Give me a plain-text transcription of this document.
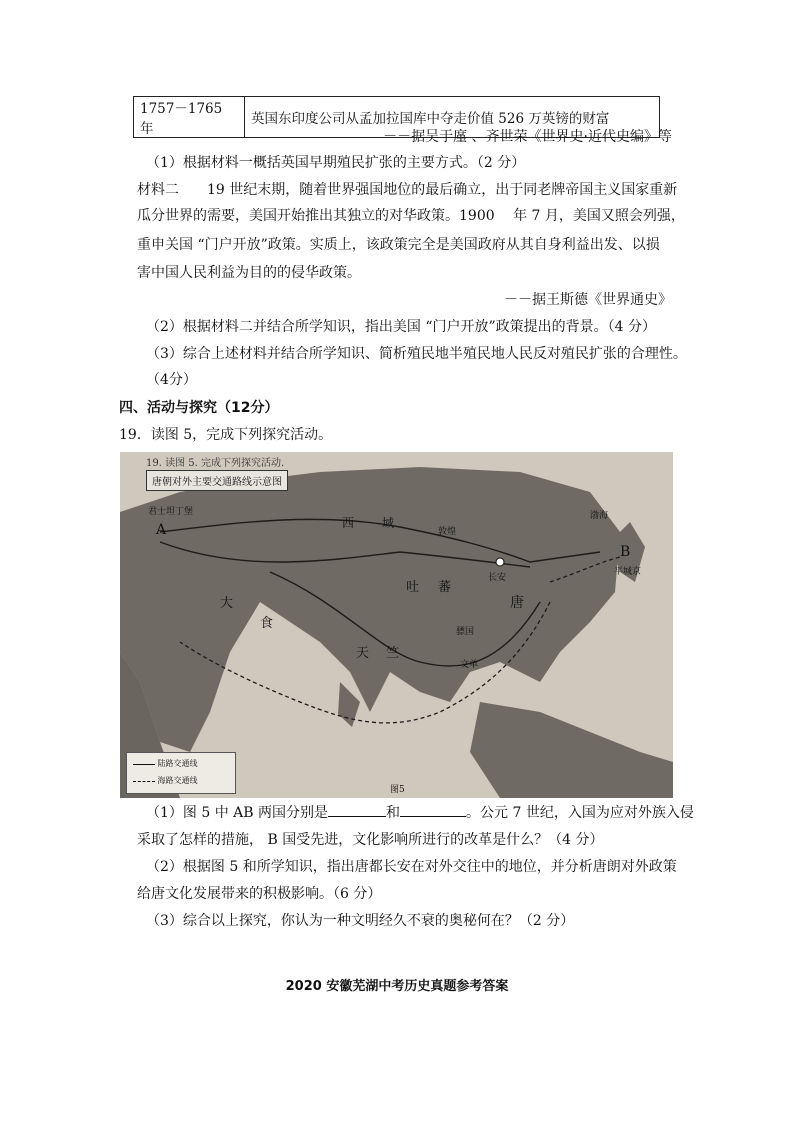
1757－1765 年	英国东印度公司从孟加拉国库中夺走价值 526 万英镑的财富
－－据吴于廑 、齐世荣《世界史·近代史编》等
（1）根据材料一概括英国早期殖民扩张的主要方式。（2 分）
材料二　　19 世纪末期，随着世界强国地位的最后确立，出于同老牌帝国主义国家重新
瓜分世界的需要，美国开始推出其独立的对华政策。1900　 年 7 月，美国又照会列强，
重申关国 “门户开放”政策。实质上，该政策完全是美国政府从其自身利益出发、以损
害中国人民利益为目的的侵华政策。
－－据王斯德《世界通史》
（2）根据材料二并结合所学知识，指出美国 “门户开放”政策提出的背景。（4 分）
（3）综合上述材料并结合所学知识、简析殖民地半殖民地人民反对殖民扩张的合理性。
（4分）
四、活动与探究（12分）
19．读图 5，完成下列探究活动。
19. 读图 5. 完成下列探究活动.
唐朝对外主要交通路线示意图
君士坦丁堡
A
B
平城京
大
食
吐 蕃
长安
唐
天 竺
文单
骠国
西 域
敦煌
渤海
陆路交通线
海路交通线
图5
（1）图 5 中 AB 两国分别是	和	。公元 7 世纪，入国为应对外族入侵
采取了怎样的措施， B 国受先进，文化影响所进行的改革是什么？（4 分）
（2）根据图 5 和所学知识，指出唐都长安在对外交往中的地位，并分析唐朗对外政策
给唐文化发展带来的积极影响。（6 分）
（3）综合以上探究，你认为一种文明经久不衰的奥秘何在？（2 分）
2020 安徽芜湖中考历史真题参考答案
